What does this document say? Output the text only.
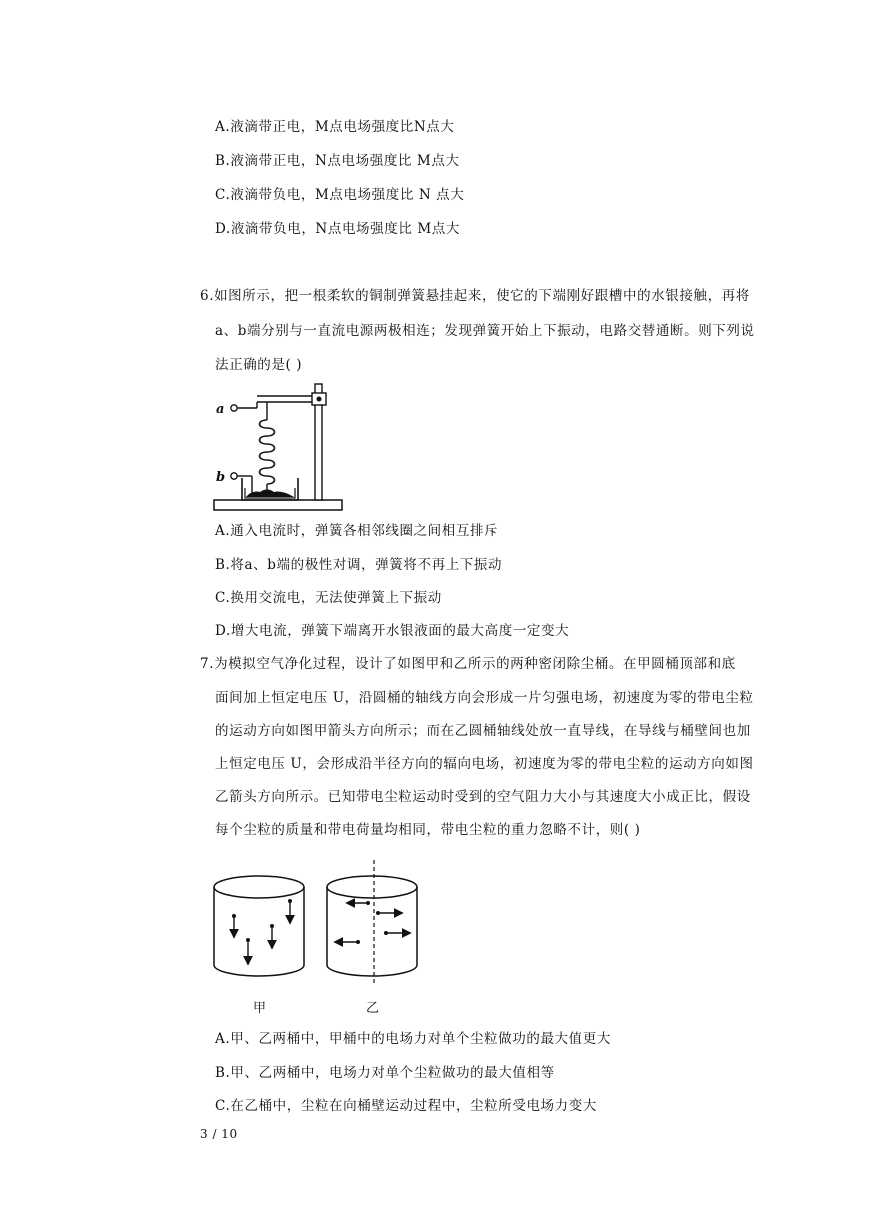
A.液滴带正电，M点电场强度比N点大
B.液滴带正电，N点电场强度比 M点大
C.液滴带负电，M点电场强度比 N 点大
D.液滴带负电，N点电场强度比 M点大
6.如图所示，把一根柔软的铜制弹簧悬挂起来，使它的下端刚好跟槽中的水银接触，再将
a、b端分别与一直流电源两极相连；发现弹簧开始上下振动，电路交替通断。则下列说
法正确的是( )
a
b
A.通入电流时，弹簧各相邻线圈之间相互排斥
B.将a、b端的极性对调，弹簧将不再上下振动
C.换用交流电，无法使弹簧上下振动
D.增大电流，弹簧下端离开水银液面的最大高度一定变大
7.为模拟空气净化过程，设计了如图甲和乙所示的两种密闭除尘桶。在甲圆桶顶部和底
面间加上恒定电压 U，沿圆桶的轴线方向会形成一片匀强电场，初速度为零的带电尘粒
的运动方向如图甲箭头方向所示；而在乙圆桶轴线处放一直导线，在导线与桶壁间也加
上恒定电压 U，会形成沿半径方向的辐向电场，初速度为零的带电尘粒的运动方向如图
乙箭头方向所示。已知带电尘粒运动时受到的空气阻力大小与其速度大小成正比，假设
每个尘粒的质量和带电荷量均相同，带电尘粒的重力忽略不计，则( )
甲	乙
A.甲、乙两桶中，甲桶中的电场力对单个尘粒做功的最大值更大
B.甲、乙两桶中，电场力对单个尘粒做功的最大值相等
C.在乙桶中，尘粒在向桶壁运动过程中，尘粒所受电场力变大
3 / 10
